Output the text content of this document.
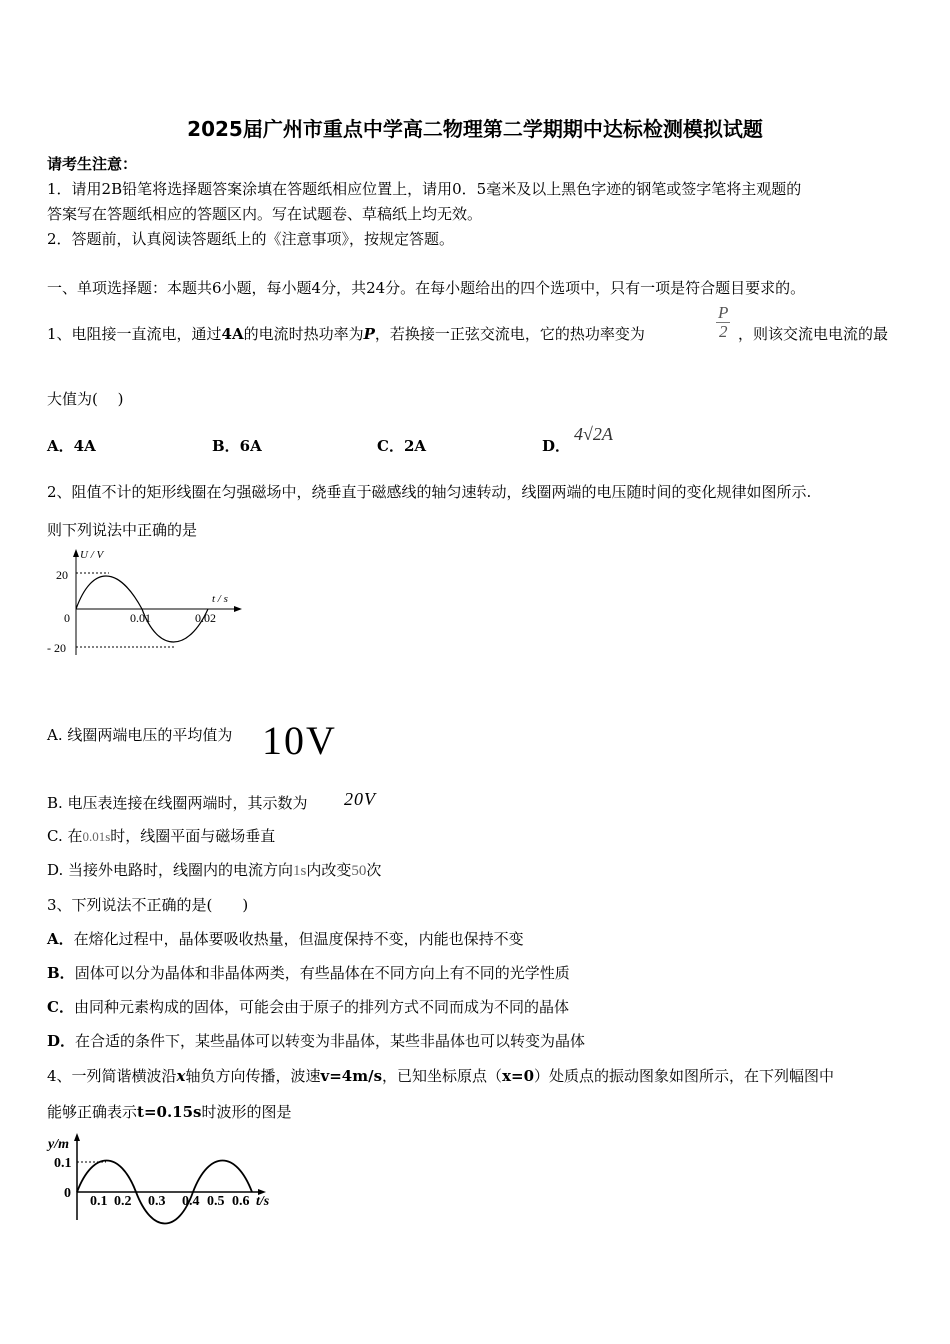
2025届广州市重点中学高二物理第二学期期中达标检测模拟试题
请考生注意：
1．请用2B铅笔将选择题答案涂填在答题纸相应位置上，请用0．5毫米及以上黑色字迹的钢笔或签字笔将主观题的
答案写在答题纸相应的答题区内。写在试题卷、草稿纸上均无效。
2．答题前，认真阅读答题纸上的《注意事项》，按规定答题。
一、单项选择题：本题共6小题，每小题4分，共24分。在每小题给出的四个选项中，只有一项是符合题目要求的。
1、电阻接一直流电，通过4A的电流时热功率为P，若换接一正弦交流电，它的热功率变为	$\frac{P}{2}$ ，则该交流电电流的最
大值为(　 )
A．4A	B．6A	C．2A	D．
4√2A
2、阻值不计的矩形线圈在匀强磁场中，绕垂直于磁感线的轴匀速转动，线圈两端的电压随时间的变化规律如图所示.
则下列说法中正确的是
U / V
t / s
20
0
- 20
0.01	0.02
A. 线圈两端电压的平均值为 10V
B. 电压表连接在线圈两端时，其示数为 20V
C. 在0.01s时，线圈平面与磁场垂直
D. 当接外电路时，线圈内的电流方向1s内改变50次
3、下列说法不正确的是(　　)
A．在熔化过程中，晶体要吸收热量，但温度保持不变，内能也保持不变
B．固体可以分为晶体和非晶体两类，有些晶体在不同方向上有不同的光学性质
C．由同种元素构成的固体，可能会由于原子的排列方式不同而成为不同的晶体
D．在合适的条件下，某些晶体可以转变为非晶体，某些非晶体也可以转变为晶体
4、一列简谐横波沿x轴负方向传播，波速v=4m/s，已知坐标原点（x=0）处质点的振动图象如图所示，在下列幅图中
能够正确表示t=0.15s时波形的图是
y/m
0.1
0
0.1 0.2 0.3 0.4 0.5 0.6 t/s
